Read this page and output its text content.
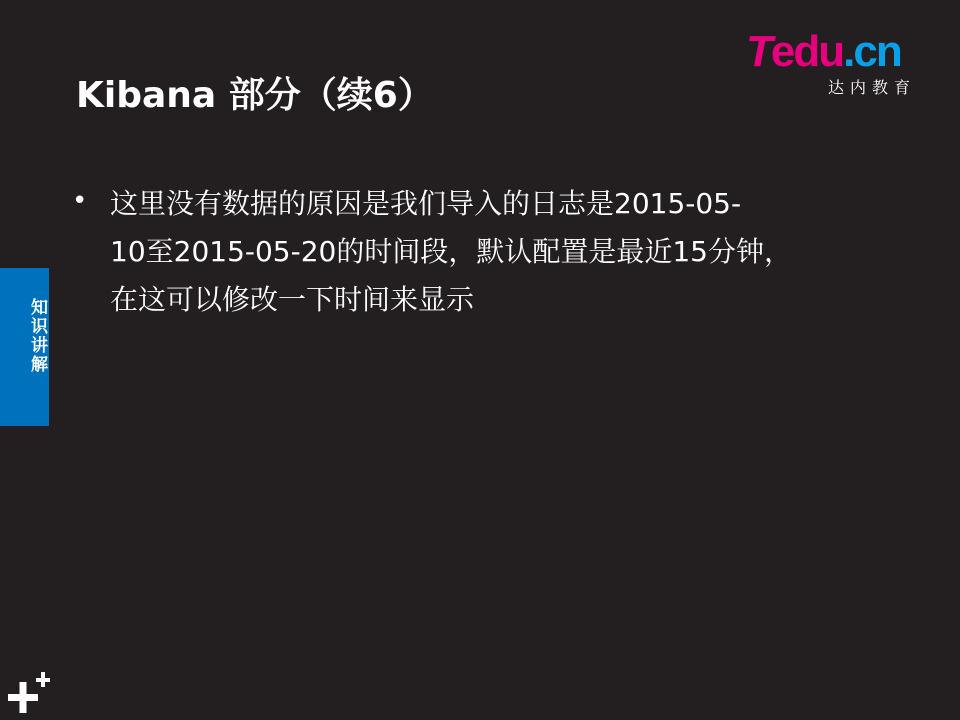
Tedu.cn
达内教育
Kibana 部分（续6）
• 这里没有数据的原因是我们导入的日志是2015-05-
10至2015-05-20的时间段，默认配置是最近15分钟，
在这可以修改一下时间来显示
知识讲解
